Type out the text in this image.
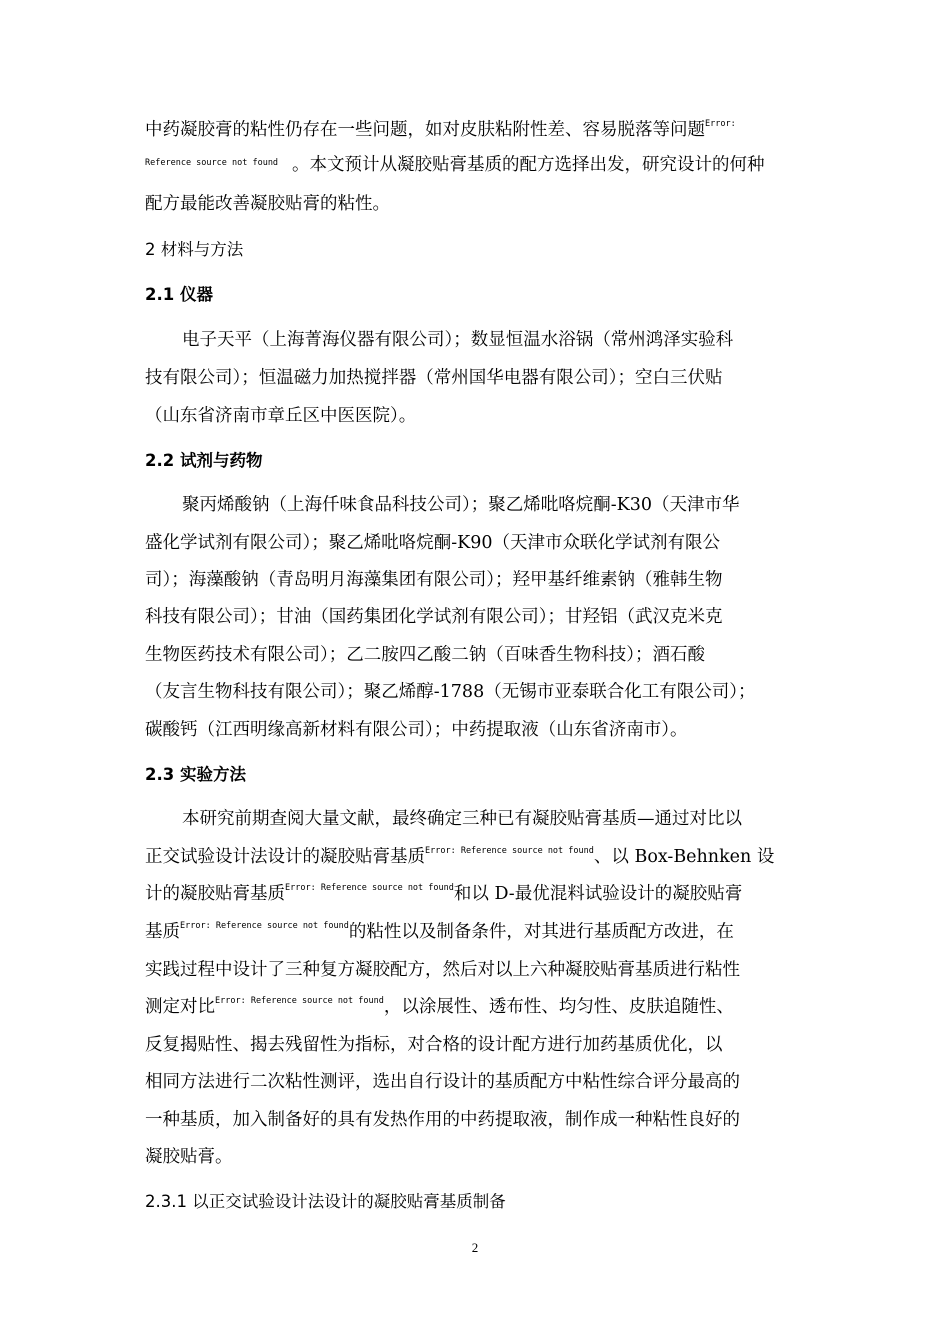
中药凝胶膏的粘性仍存在一些问题，如对皮肤粘附性差、容易脱落等问题$^{Error:}$
Reference source not found 。本文预计从凝胶贴膏基质的配方选择出发，研究设计的何种
配方最能改善凝胶贴膏的粘性。
2 材料与方法
2.1 仪器
电子天平（上海菁海仪器有限公司）；数显恒温水浴锅（常州鸿泽实验科
技有限公司）；恒温磁力加热搅拌器（常州国华电器有限公司）；空白三伏贴
（山东省济南市章丘区中医医院）。
2.2 试剂与药物
聚丙烯酸钠（上海仟味食品科技公司）；聚乙烯吡咯烷酮-K30（天津市华
盛化学试剂有限公司）；聚乙烯吡咯烷酮-K90（天津市众联化学试剂有限公
司）；海藻酸钠（青岛明月海藻集团有限公司）；羟甲基纤维素钠（雅韩生物
科技有限公司）；甘油（国药集团化学试剂有限公司）；甘羟铝（武汉克米克
生物医药技术有限公司）；乙二胺四乙酸二钠（百味香生物科技）；酒石酸
（友言生物科技有限公司）；聚乙烯醇-1788（无锡市亚泰联合化工有限公司）；
碳酸钙（江西明缘高新材料有限公司）；中药提取液（山东省济南市）。
2.3 实验方法
本研究前期查阅大量文献，最终确定三种已有凝胶贴膏基质—通过对比以
正交试验设计法设计的凝胶贴膏基质$^{Error: Reference source not found}$、以 Box-Behnken 设
计的凝胶贴膏基质$^{Error: Reference source not found}$和以 D-最优混料试验设计的凝胶贴膏
基质$^{Error: Reference source not found}$的粘性以及制备条件，对其进行基质配方改进，在
实践过程中设计了三种复方凝胶配方，然后对以上六种凝胶贴膏基质进行粘性
测定对比$^{Error: Reference source not found}$，以涂展性、透布性、均匀性、皮肤追随性、
反复揭贴性、揭去残留性为指标，对合格的设计配方进行加药基质优化，以
相同方法进行二次粘性测评，选出自行设计的基质配方中粘性综合评分最高的
一种基质，加入制备好的具有发热作用的中药提取液，制作成一种粘性良好的
凝胶贴膏。
2.3.1 以正交试验设计法设计的凝胶贴膏基质制备
2
